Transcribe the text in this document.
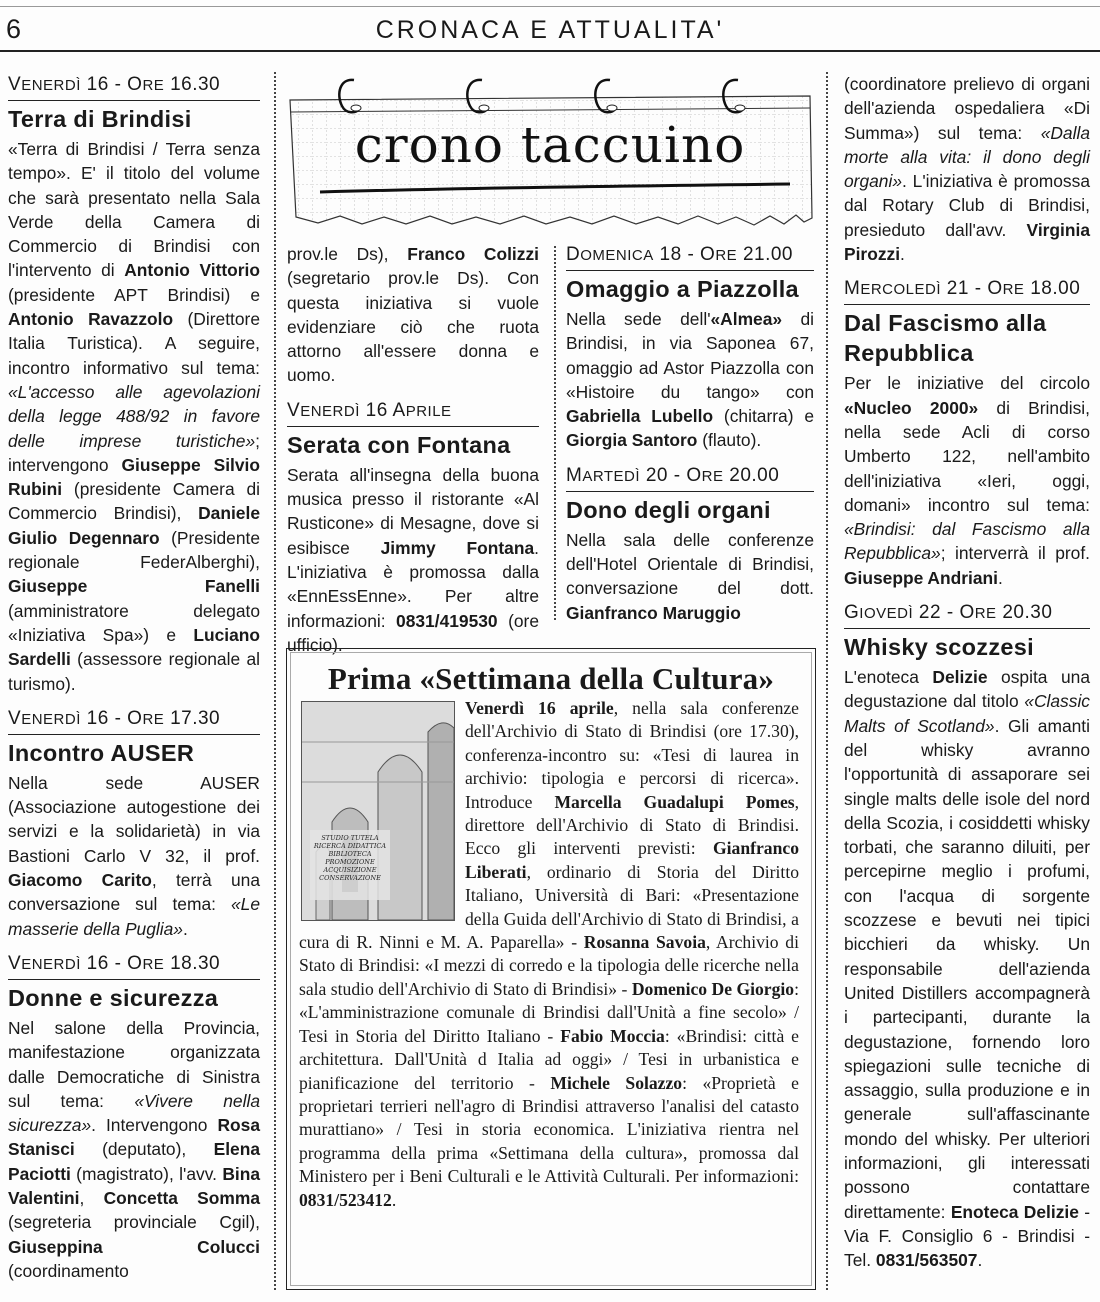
6	CRONACA E ATTUALITA'
VENERDÌ 16 - ORE 16.30
Terra di Brindisi

«Terra di Brindisi / Terra senza tempo». E' il titolo del volume che sarà presentato nella Sala Verde della Camera di Commercio di Brindisi con l'intervento di Antonio Vittorio (presidente APT Brindisi) e Antonio Ravazzolo (Direttore Italia Turistica). A seguire, incontro informativo sul tema: «L'accesso alle agevolazioni della legge 488/92 in favore delle imprese turistiche»; intervengono Giuseppe Silvio Rubini (presidente Camera di Commercio Brindisi), Daniele Giulio Degennaro (Presidente regionale FederAlberghi), Giuseppe Fanelli (amministratore delegato «Iniziativa Spa») e Luciano Sardelli (assessore regionale al turismo).

VENERDÌ 16 - ORE 17.30
Incontro AUSER

Nella sede AUSER (Associazione autogestione dei servizi e la solidarietà) in via Bastioni Carlo V 32, il prof. Giacomo Carito, terrà una conversazione sul tema: «Le masserie della Puglia».

VENERDÌ 16 - ORE 18.30
Donne e sicurezza

Nel salone della Provincia, manifestazione organizzata dalle Democratiche di Sinistra sul tema: «Vivere nella sicurezza». Intervengono Rosa Stanisci (deputato), Elena Paciotti (magistrato), l'avv. Bina Valentini, Concetta Somma (segreteria provinciale Cgil), Giuseppina Colucci (coordinamento

crono taccuino

prov.le Ds), Franco Colizzi (segretario prov.le Ds). Con questa iniziativa si vuole evidenziare ciò che ruota attorno all'essere donna e uomo.

VENERDÌ 16 APRILE
Serata con Fontana

Serata all'insegna della buona musica presso il ristorante «Al Rusticone» di Mesagne, dove si esibisce Jimmy Fontana. L'iniziativa è promossa dalla «EnnEssEnne». Per altre informazioni: 0831/419530 (ore ufficio).

DOMENICA 18 - ORE 21.00
Omaggio a Piazzolla

Nella sede dell'«Almea» di Brindisi, in via Saponea 67, omaggio ad Astor Piazzolla con «Histoire du tango» con Gabriella Lubello (chitarra) e Giorgia Santoro (flauto).

MARTEDÌ 20 - ORE 20.00
Dono degli organi

Nella sala delle conferenze dell'Hotel Orientale di Brindisi, conversazione del dott. Gianfranco Maruggio

(coordinatore prelievo di organi dell'azienda ospedaliera «Di Summa») sul tema: «Dalla morte alla vita: il dono degli organi». L'iniziativa è promossa dal Rotary Club di Brindisi, presieduto dall'avv. Virginia Pirozzi.

MERCOLEDÌ 21 - ORE 18.00
Dal Fascismo alla Repubblica

Per le iniziative del circolo «Nucleo 2000» di Brindisi, nella sede Acli di corso Umberto 122, nell'ambito dell'iniziativa «Ieri, oggi, domani» incontro sul tema: «Brindisi: dal Fascismo alla Repubblica»; interverrà il prof. Giuseppe Andriani.

GIOVEDÌ 22 - ORE 20.30
Whisky scozzesi

L'enoteca Delizie ospita una degustazione dal titolo «Classic Malts of Scotland». Gli amanti del whisky avranno l'opportunità di assaporare sei single malts delle isole del nord della Scozia, i cosiddetti whisky torbati, che saranno diluiti, per percepirne meglio i profumi, con l'acqua di sorgente scozzese e bevuti nei tipici bicchieri da whisky. Un responsabile dell'azienda United Distillers accompagnerà i partecipanti, durante la degustazione, fornendo loro spiegazioni sulle tecniche di assaggio, sulla produzione e in generale sull'affascinante mondo del whisky. Per ulteriori informazioni, gli interessati possono contattare direttamente: Enoteca Delizie - Via F. Consiglio 6 - Brindisi - Tel. 0831/563507.

Prima «Settimana della Cultura»
STUDIO TUTELA RICERCA DIDATTICA BIBLIOTECA PROMOZIONE ACQUISIZIONE CONSERVAZIONE
Venerdì 16 aprile, nella sala conferenze dell'Archivio di Stato di Brindisi (ore 17.30), conferenza-incontro su: «Tesi di laurea in archivio: tipologia e percorsi di ricerca». Introduce Marcella Guadalupi Pomes, direttore dell'Archivio di Stato di Brindisi. Ecco gli interventi previsti: Gianfranco Liberati, ordinario di Storia del Diritto Italiano, Università di Bari: «Presentazione della Guida dell'Archivio di Stato di Brindisi, a cura di R. Ninni e M. A. Paparella» - Rosanna Savoia, Archivio di Stato di Brindisi: «I mezzi di corredo e la tipologia delle ricerche nella sala studio dell'Archivio di Stato di Brindisi» - Domenico De Giorgio: «L'amministrazione comunale di Brindisi dall'Unità a fine secolo» / Tesi in Storia del Diritto Italiano - Fabio Moccia: «Brindisi: città e architettura. Dall'Unità d Italia ad oggi» / Tesi in urbanistica e pianificazione del territorio - Michele Solazzo: «Proprietà e proprietari terrieri nell'agro di Brindisi attraverso l'analisi del catasto murattiano» / Tesi in storia economica. L'iniziativa rientra nel programma della prima «Settimana della cultura», promossa dal Ministero per i Beni Culturali e le Attività Culturali. Per informazioni: 0831/523412.
